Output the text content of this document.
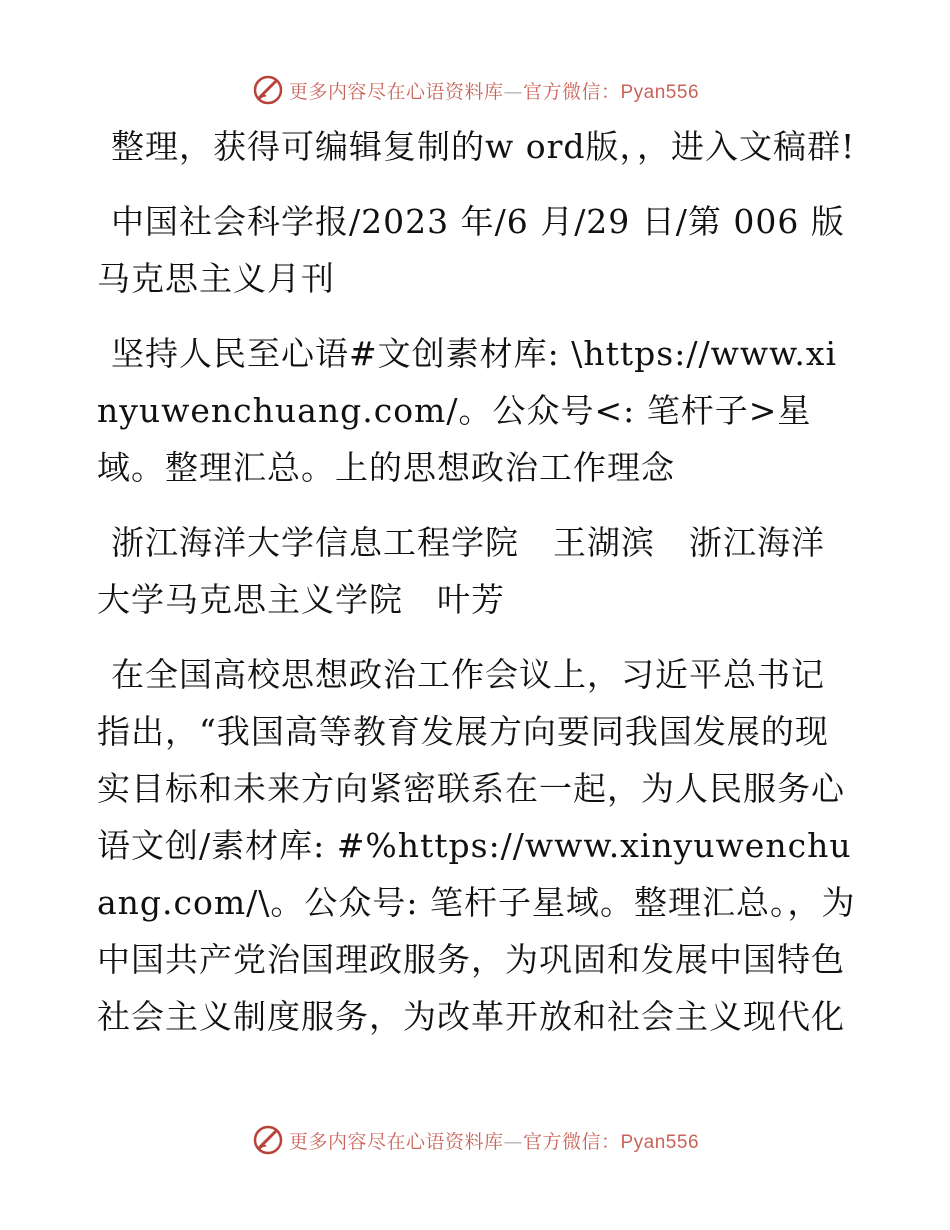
更多内容尽在心语资料库—官方微信：Pyan556

整理，获得可编辑复制的w ord版，，进入文稿群!

中国社会科学报/2023 年/6 月/29 日/第 006 版马克思主义月刊

坚持人民至心语#文创素材库: \https://www.xinyuwenchuang.com/。公众号<: 笔杆子>星域。整理汇总。上的思想政治工作理念

浙江海洋大学信息工程学院　王湖滨　浙江海洋大学马克思主义学院　叶芳

在全国高校思想政治工作会议上，习近平总书记指出，“我国高等教育发展方向要同我国发展的现实目标和未来方向紧密联系在一起，为人民服务心语文创/素材库: #%https://www.xinyuwenchuang.com/\。公众号: 笔杆子星域。整理汇总。，为中国共产党治国理政服务，为巩固和发展中国特色社会主义制度服务，为改革开放和社会主义现代化

更多内容尽在心语资料库—官方微信：Pyan556
